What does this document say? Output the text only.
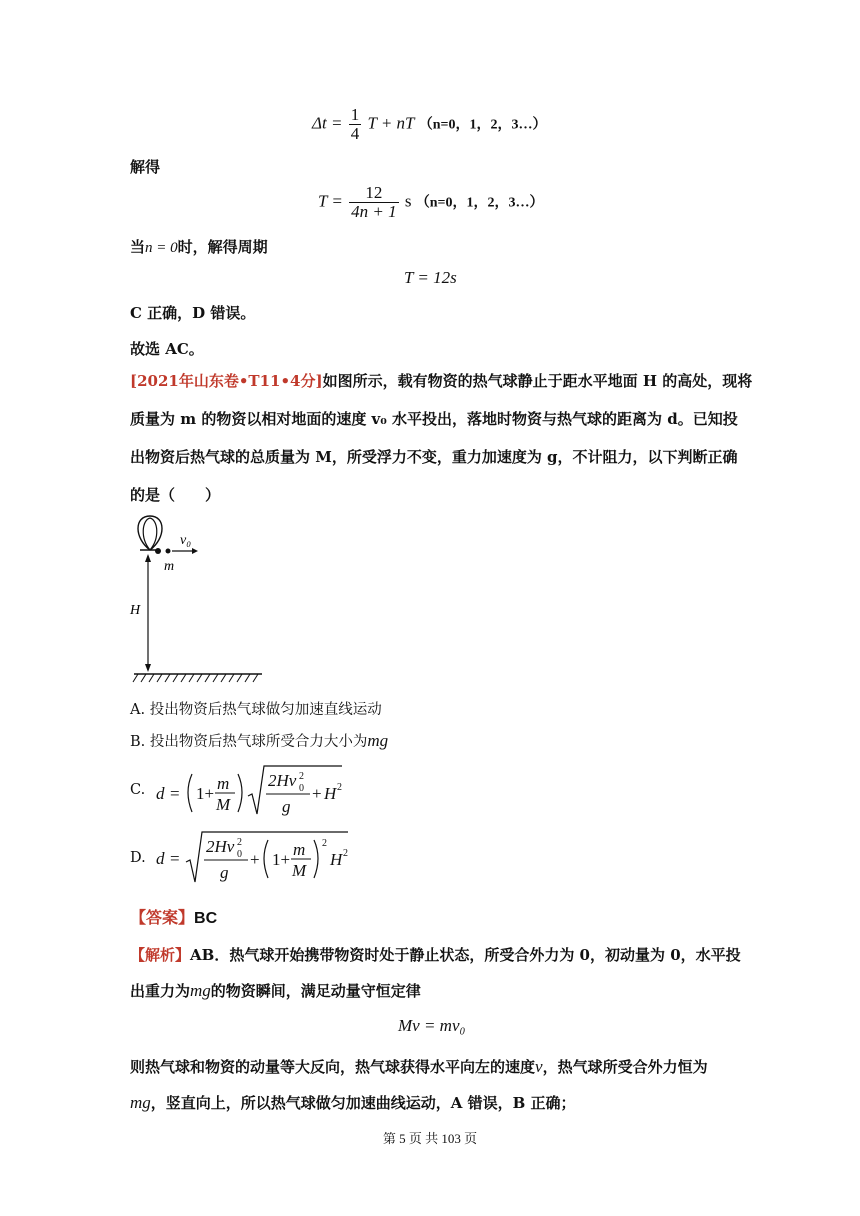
$\Delta t = \frac{1}{4}$ T + nT （n=0，1，2，3…）
解得
$T = \frac{12}{4n + 1}$ s （n=0，1，2，3…）
当n = 0时，解得周期
T = 12s
C 正确，D 错误。
故选 AC。
[2021年山东卷•T11•4分]如图所示，载有物资的热气球静止于距水平地面 H 的高处，现将
质量为 m 的物资以相对地面的速度 v₀ 水平投出，落地时物资与热气球的距离为 d。已知投
出物资后热气球的总质量为 M，所受浮力不变，重力加速度为 g，不计阻力，以下判断正确
的是（　　）
v₀
m
H
A. 投出物资后热气球做匀加速直线运动
B. 投出物资后热气球所受合力大小为mg
C. d = 1+
m
M
2Hv 2
0
g
+ H 2
D. d =
2Hv 2
0
g
+ 1+
m
M
2
H 2
【答案】BC
【解析】AB．热气球开始携带物资时处于静止状态，所受合外力为 0，初动量为 0，水平投
出重力为mg的物资瞬间，满足动量守恒定律
Mv = mv₀
则热气球和物资的动量等大反向，热气球获得水平向左的速度v，热气球所受合外力恒为
mg，竖直向上，所以热气球做匀加速曲线运动，A 错误，B 正确；
第 5 页 共 103 页
